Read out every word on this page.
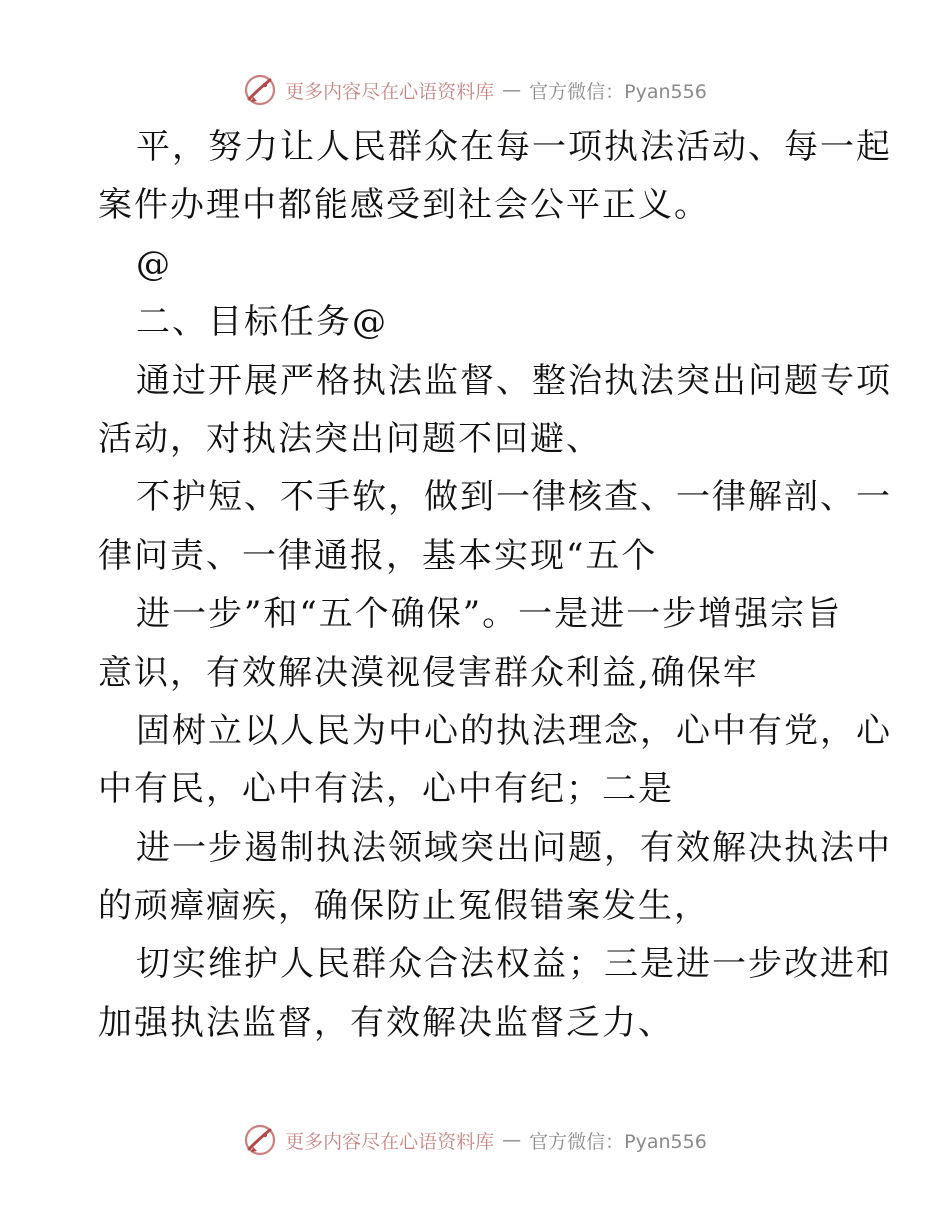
更多内容尽在心语资料库 — 官方微信：Pyan556
平，努力让人民群众在每一项执法活动、每一起
案件办理中都能感受到社会公平正义。
@
二、目标任务@
通过开展严格执法监督、整治执法突出问题专项
活动，对执法突出问题不回避、
不护短、不手软，做到一律核查、一律解剖、一
律问责、一律通报，基本实现“五个
进一步”和“五个确保”。一是进一步增强宗旨
意识，有效解决漠视侵害群众利益,确保牢
固树立以人民为中心的执法理念，心中有党，心
中有民，心中有法，心中有纪；二是
进一步遏制执法领域突出问题，有效解决执法中
的顽瘴痼疾，确保防止冤假错案发生，
切实维护人民群众合法权益；三是进一步改进和
加强执法监督，有效解决监督乏力、
更多内容尽在心语资料库 — 官方微信：Pyan556
